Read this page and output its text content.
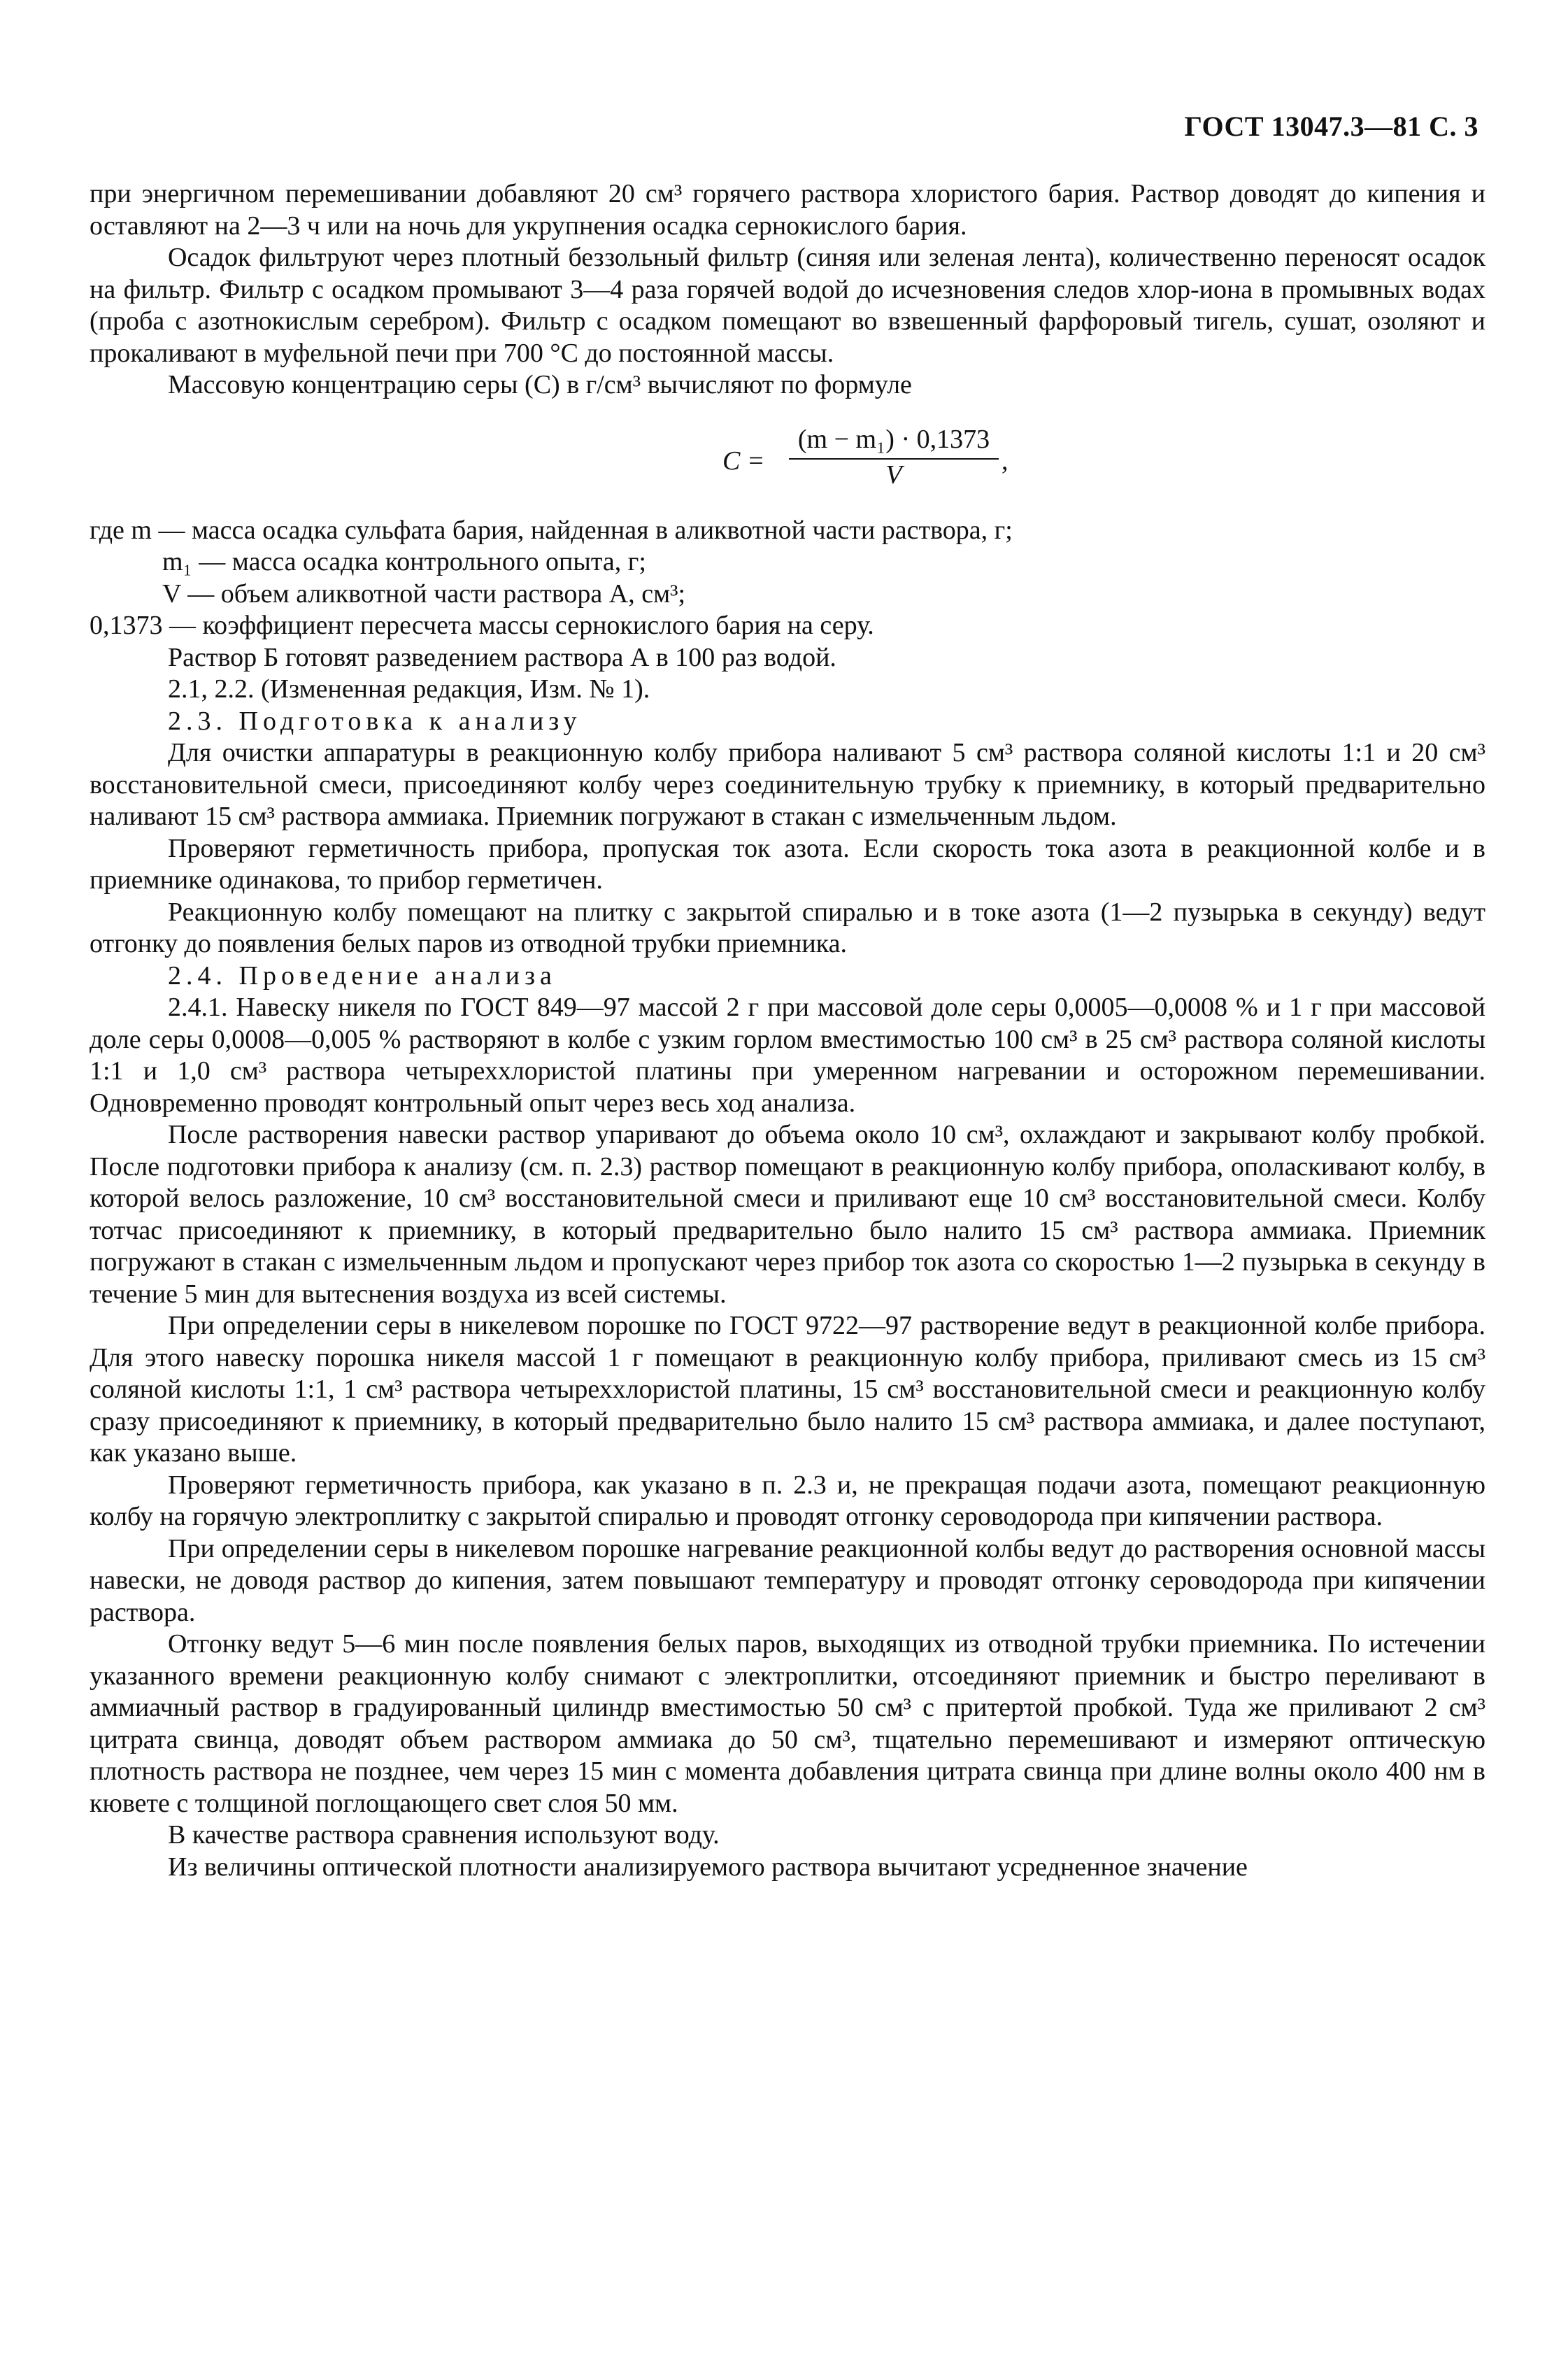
ГОСТ 13047.3—81 С. 3

при энергичном перемешивании добавляют 20 см³ горячего раствора хлористого бария. Раствор доводят до кипения и оставляют на 2—3 ч или на ночь для укрупнения осадка сернокислого бария.

Осадок фильтруют через плотный беззольный фильтр (синяя или зеленая лента), количественно переносят осадок на фильтр. Фильтр с осадком промывают 3—4 раза горячей водой до исчезновения следов хлор-иона в промывных водах (проба с азотнокислым серебром). Фильтр с осадком помещают во взвешенный фарфоровый тигель, сушат, озоляют и прокаливают в муфельной печи при 700 °С до постоянной массы.

Массовую концентрацию серы (С) в г/см³ вычисляют по формуле

$C = \frac{\text{(m − m₁) · 0,1373}}{V}$ ,

где m — масса осадка сульфата бария, найденная в аликвотной части раствора, г;

m₁ — масса осадка контрольного опыта, г;

V — объем аликвотной части раствора А, см³;

0,1373 — коэффициент пересчета массы сернокислого бария на серу.

Раствор Б готовят разведением раствора А в 100 раз водой.

2.1, 2.2. (Измененная редакция, Изм. № 1).

2.3. Подготовка к анализу

Для очистки аппаратуры в реакционную колбу прибора наливают 5 см³ раствора соляной кислоты 1:1 и 20 см³ восстановительной смеси, присоединяют колбу через соединительную трубку к приемнику, в который предварительно наливают 15 см³ раствора аммиака. Приемник погружают в стакан с измельченным льдом.

Проверяют герметичность прибора, пропуская ток азота. Если скорость тока азота в реакционной колбе и в приемнике одинакова, то прибор герметичен.

Реакционную колбу помещают на плитку с закрытой спиралью и в токе азота (1—2 пузырька в секунду) ведут отгонку до появления белых паров из отводной трубки приемника.

2.4. Проведение анализа

2.4.1. Навеску никеля по ГОСТ 849—97 массой 2 г при массовой доле серы 0,0005—0,0008 % и 1 г при массовой доле серы 0,0008—0,005 % растворяют в колбе с узким горлом вместимостью 100 см³ в 25 см³ раствора соляной кислоты 1:1 и 1,0 см³ раствора четыреххлористой платины при умеренном нагревании и осторожном перемешивании. Одновременно проводят контрольный опыт через весь ход анализа.

После растворения навески раствор упаривают до объема около 10 см³, охлаждают и закрывают колбу пробкой. После подготовки прибора к анализу (см. п. 2.3) раствор помещают в реакционную колбу прибора, ополаскивают колбу, в которой велось разложение, 10 см³ восстановительной смеси и приливают еще 10 см³ восстановительной смеси. Колбу тотчас присоединяют к приемнику, в который предварительно было налито 15 см³ раствора аммиака. Приемник погружают в стакан с измельченным льдом и пропускают через прибор ток азота со скоростью 1—2 пузырька в секунду в течение 5 мин для вытеснения воздуха из всей системы.

При определении серы в никелевом порошке по ГОСТ 9722—97 растворение ведут в реакционной колбе прибора. Для этого навеску порошка никеля массой 1 г помещают в реакционную колбу прибора, приливают смесь из 15 см³ соляной кислоты 1:1, 1 см³ раствора четыреххлористой платины, 15 см³ восстановительной смеси и реакционную колбу сразу присоединяют к приемнику, в который предварительно было налито 15 см³ раствора аммиака, и далее поступают, как указано выше.

Проверяют герметичность прибора, как указано в п. 2.3 и, не прекращая подачи азота, помещают реакционную колбу на горячую электроплитку с закрытой спиралью и проводят отгонку сероводорода при кипячении раствора.

При определении серы в никелевом порошке нагревание реакционной колбы ведут до растворения основной массы навески, не доводя раствор до кипения, затем повышают температуру и проводят отгонку сероводорода при кипячении раствора.

Отгонку ведут 5—6 мин после появления белых паров, выходящих из отводной трубки приемника. По истечении указанного времени реакционную колбу снимают с электроплитки, отсоединяют приемник и быстро переливают в аммиачный раствор в градуированный цилиндр вместимостью 50 см³ с притертой пробкой. Туда же приливают 2 см³ цитрата свинца, доводят объем раствором аммиака до 50 см³, тщательно перемешивают и измеряют оптическую плотность раствора не позднее, чем через 15 мин с момента добавления цитрата свинца при длине волны около 400 нм в кювете с толщиной поглощающего свет слоя 50 мм.

В качестве раствора сравнения используют воду.

Из величины оптической плотности анализируемого раствора вычитают усредненное значение
